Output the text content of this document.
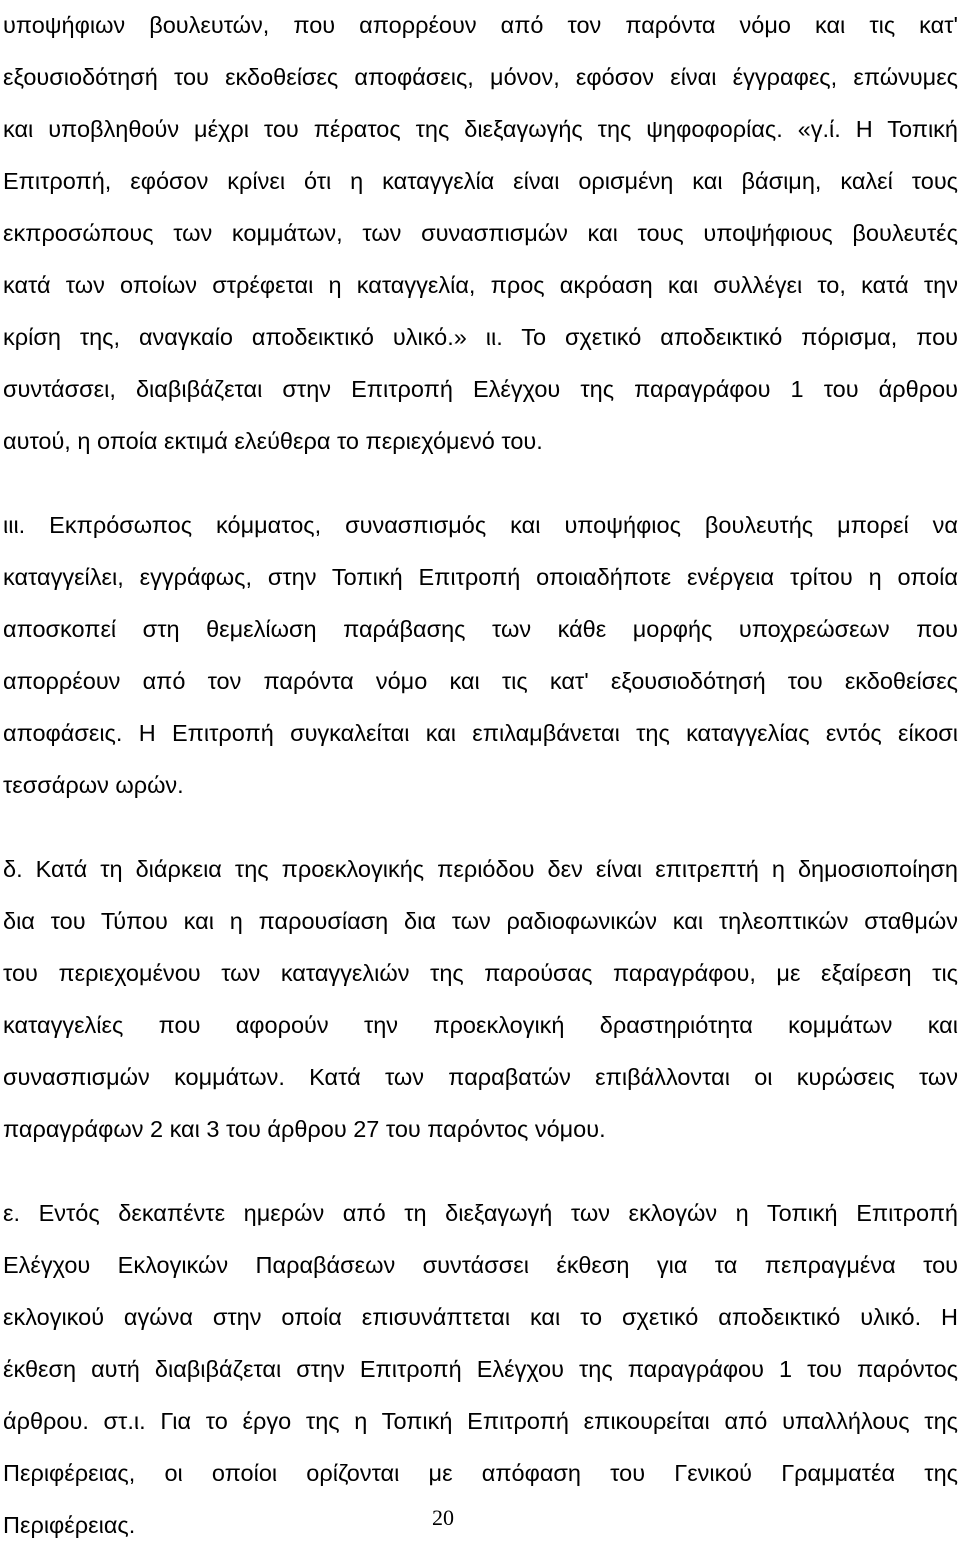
υποψήφιων βουλευτών, που απορρέουν από τον παρόντα νόμο και τις κατ'
εξουσιοδότησή του εκδοθείσες αποφάσεις, μόνον, εφόσον είναι έγγραφες, επώνυμες
και υποβληθούν μέχρι του πέρατος της διεξαγωγής της ψηφοφορίας. «γ.ί. Η Τοπική
Επιτροπή, εφόσον κρίνει ότι η καταγγελία είναι ορισμένη και βάσιμη, καλεί τους
εκπροσώπους των κομμάτων, των συνασπισμών και τους υποψήφιους βουλευτές
κατά των οποίων στρέφεται η καταγγελία, προς ακρόαση και συλλέγει το, κατά την
κρίση της, αναγκαίο αποδεικτικό υλικό.» ιι. Το σχετικό αποδεικτικό πόρισμα, που
συντάσσει, διαβιβάζεται στην Επιτροπή Ελέγχου της παραγράφου 1 του άρθρου
αυτού, η οποία εκτιμά ελεύθερα το περιεχόμενό του.
ιιι. Εκπρόσωπος κόμματος, συνασπισμός και υποψήφιος βουλευτής μπορεί να
καταγγείλει, εγγράφως, στην Τοπική Επιτροπή οποιαδήποτε ενέργεια τρίτου η οποία
αποσκοπεί στη θεμελίωση παράβασης των κάθε μορφής υποχρεώσεων που
απορρέουν από τον παρόντα νόμο και τις κατ' εξουσιοδότησή του εκδοθείσες
αποφάσεις. Η Επιτροπή συγκαλείται και επιλαμβάνεται της καταγγελίας εντός είκοσι
τεσσάρων ωρών.
δ. Κατά τη διάρκεια της προεκλογικής περιόδου δεν είναι επιτρεπτή η δημοσιοποίηση
δια του Τύπου και η παρουσίαση δια των ραδιοφωνικών και τηλεοπτικών σταθμών
του περιεχομένου των καταγγελιών της παρούσας παραγράφου, με εξαίρεση τις
καταγγελίες που αφορούν την προεκλογική δραστηριότητα κομμάτων και
συνασπισμών κομμάτων. Κατά των παραβατών επιβάλλονται οι κυρώσεις των
παραγράφων 2 και 3 του άρθρου 27 του παρόντος νόμου.
ε. Εντός δεκαπέντε ημερών από τη διεξαγωγή των εκλογών η Τοπική Επιτροπή
Ελέγχου Εκλογικών Παραβάσεων συντάσσει έκθεση για τα πεπραγμένα του
εκλογικού αγώνα στην οποία επισυνάπτεται και το σχετικό αποδεικτικό υλικό. Η
έκθεση αυτή διαβιβάζεται στην Επιτροπή Ελέγχου της παραγράφου 1 του παρόντος
άρθρου. στ.ι. Για το έργο της η Τοπική Επιτροπή επικουρείται από υπαλλήλους της
Περιφέρειας, οι οποίοι ορίζονται με απόφαση του Γενικού Γραμματέα της
Περιφέρειας.	20
